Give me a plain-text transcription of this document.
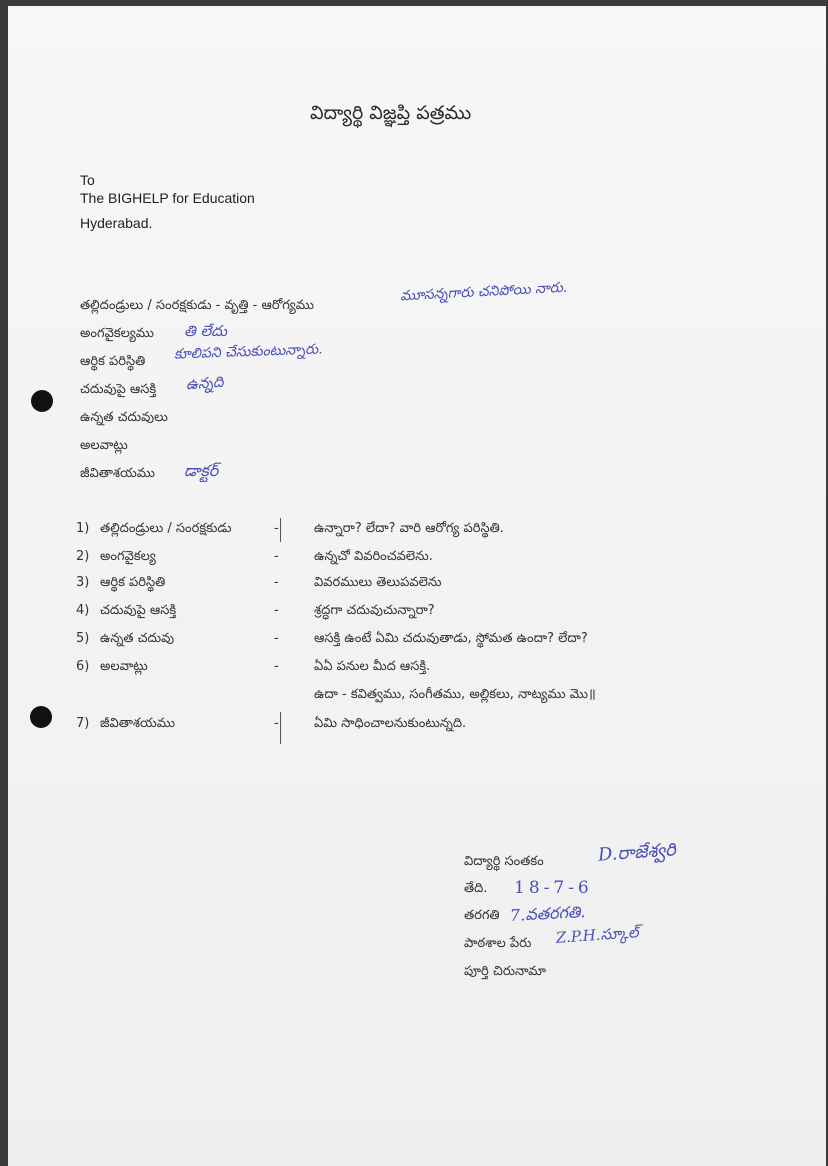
విద్యార్థి విజ్ఞప్తి పత్రము
To
The BIGHELP for Education
Hyderabad.
తల్లిదండ్రులు / సంరక్షకుడు - వృత్తి - ఆరోగ్యము
మూసన్నగారు చనిపోయి నారు.
అంగవైకల్యము తి లేదు
ఆర్థిక పరిస్థితి కూలిపని చేసుకుంటున్నారు.
చదువుపై ఆసక్తి ఉన్నది
ఉన్నత చదువులు
అలవాట్లు
జీవితాశయము డాక్టర్
1) తల్లిదండ్రులు / సంరక్షకుడు	-	ఉన్నారా? లేదా? వారి ఆరోగ్య పరిస్థితి.
2) అంగవైకల్య	-	ఉన్నచో వివరించవలెను.
3) ఆర్థిక పరిస్థితి	-	వివరములు తెలుపవలెను
4) చదువుపై ఆసక్తి	-	శ్రద్ధగా చదువుచున్నారా?
5) ఉన్నత చదువు	-	ఆసక్తి ఉంటే ఏమి చదువుతాడు, స్థోమత ఉందా? లేదా?
6) అలవాట్లు	-	ఏఏ పనుల మీద ఆసక్తి.
ఉదా - కవిత్వము, సంగీతము, అల్లికలు, నాట్యము మొ॥
7) జీవితాశయము	-	ఏమి సాధించాలనుకుంటున్నది.
విద్యార్థి సంతకం	D.రాజేశ్వరి
తేది. 18-7-6
తరగతి 7.వతరగతి.
పాఠశాల పేరు Z.P.H.స్కూల్
పూర్తి చిరునామా
